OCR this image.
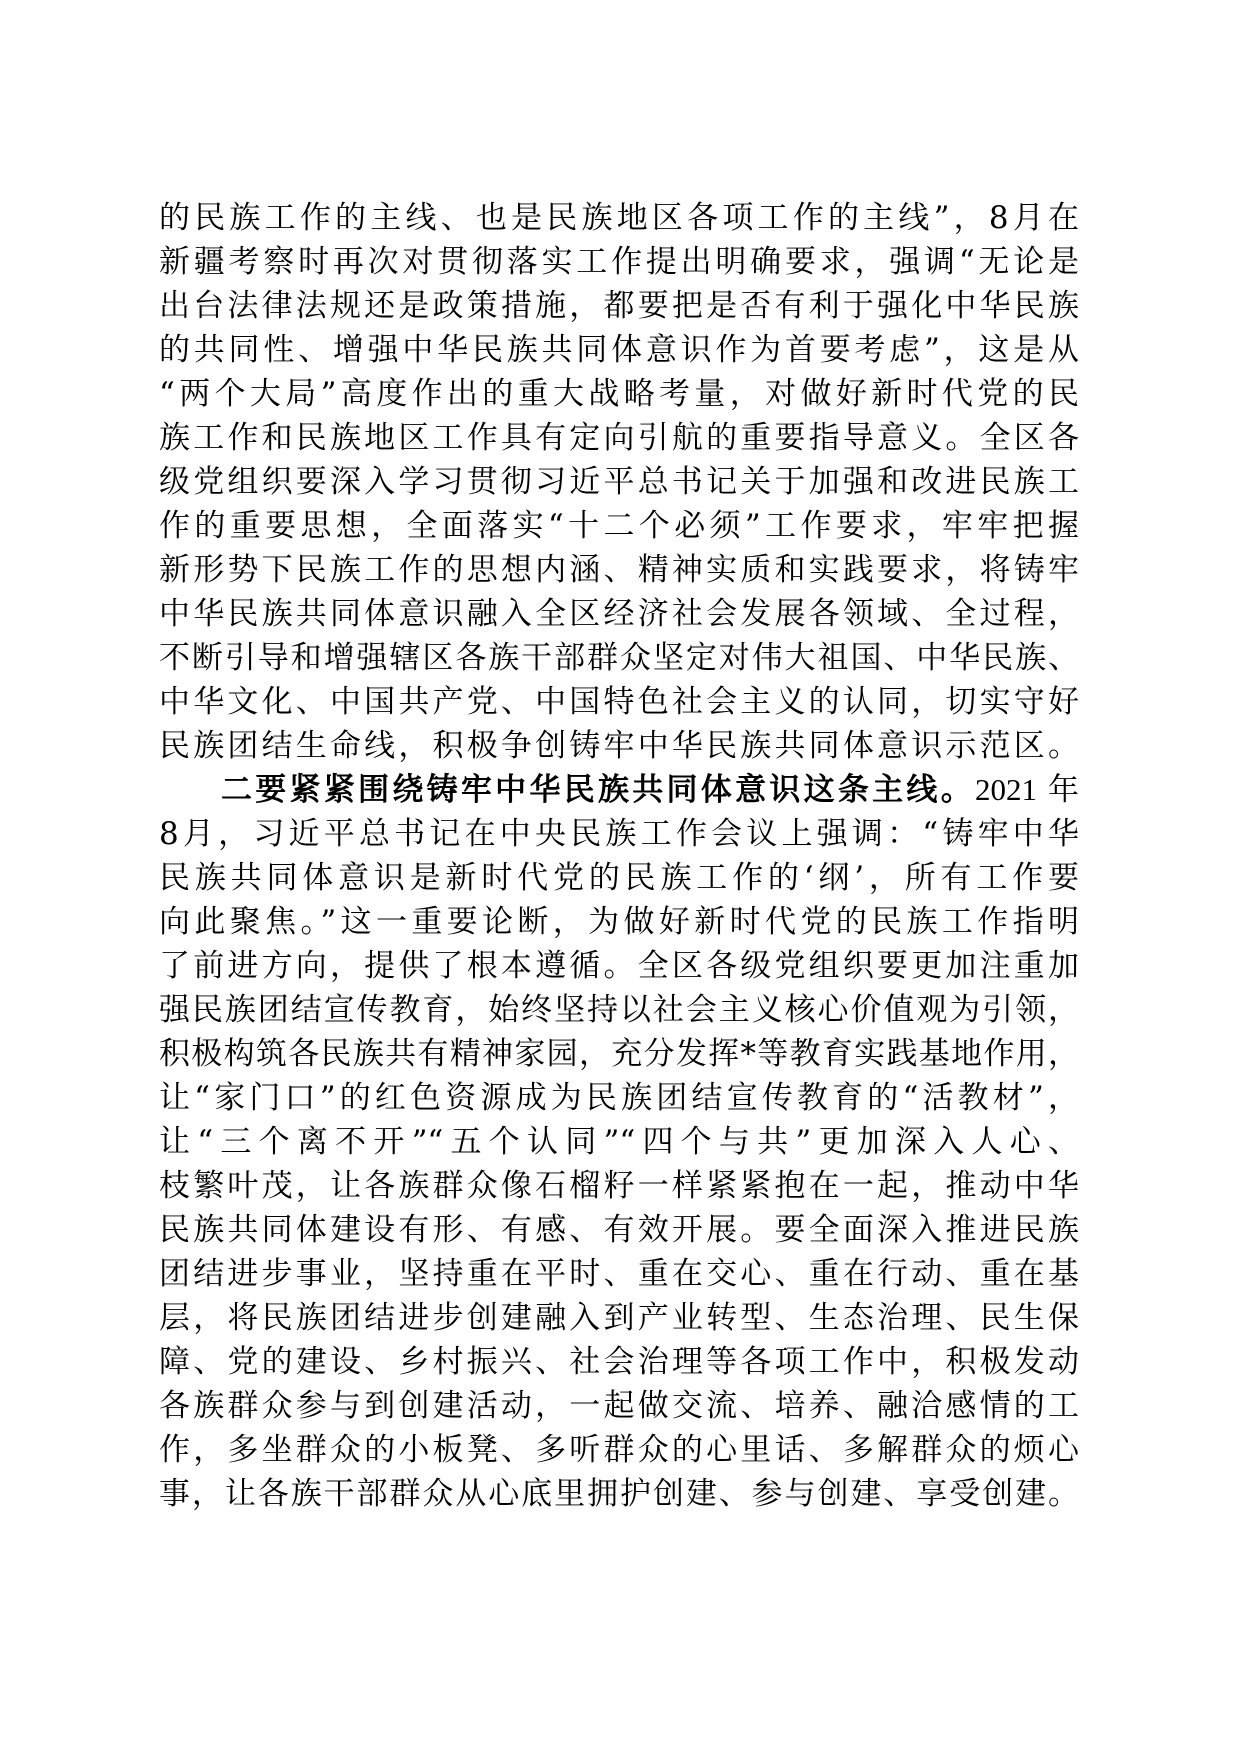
的民族工作的主线、也是民族地区各项工作的主线”，8月在
新疆考察时再次对贯彻落实工作提出明确要求，强调“无论是
出台法律法规还是政策措施，都要把是否有利于强化中华民族
的共同性、增强中华民族共同体意识作为首要考虑”，这是从
“两个大局”高度作出的重大战略考量，对做好新时代党的民
族工作和民族地区工作具有定向引航的重要指导意义。全区各
级党组织要深入学习贯彻习近平总书记关于加强和改进民族工
作的重要思想，全面落实“十二个必须”工作要求，牢牢把握
新形势下民族工作的思想内涵、精神实质和实践要求，将铸牢
中华民族共同体意识融入全区经济社会发展各领域、全过程，
不断引导和增强辖区各族干部群众坚定对伟大祖国、中华民族、
中华文化、中国共产党、中国特色社会主义的认同，切实守好
民族团结生命线，积极争创铸牢中华民族共同体意识示范区。
二要紧紧围绕铸牢中华民族共同体意识这条主线。2021 年
8月，习近平总书记在中央民族工作会议上强调：“铸牢中华
民族共同体意识是新时代党的民族工作的‘纲’，所有工作要
向此聚焦。”这一重要论断，为做好新时代党的民族工作指明
了前进方向，提供了根本遵循。全区各级党组织要更加注重加
强民族团结宣传教育，始终坚持以社会主义核心价值观为引领，
积极构筑各民族共有精神家园，充分发挥*等教育实践基地作用，
让“家门口”的红色资源成为民族团结宣传教育的“活教材”，
让“三个离不开”“五个认同”“四个与共”更加深入人心、
枝繁叶茂，让各族群众像石榴籽一样紧紧抱在一起，推动中华
民族共同体建设有形、有感、有效开展。要全面深入推进民族
团结进步事业，坚持重在平时、重在交心、重在行动、重在基
层，将民族团结进步创建融入到产业转型、生态治理、民生保
障、党的建设、乡村振兴、社会治理等各项工作中，积极发动
各族群众参与到创建活动，一起做交流、培养、融洽感情的工
作，多坐群众的小板凳、多听群众的心里话、多解群众的烦心
事，让各族干部群众从心底里拥护创建、参与创建、享受创建。
